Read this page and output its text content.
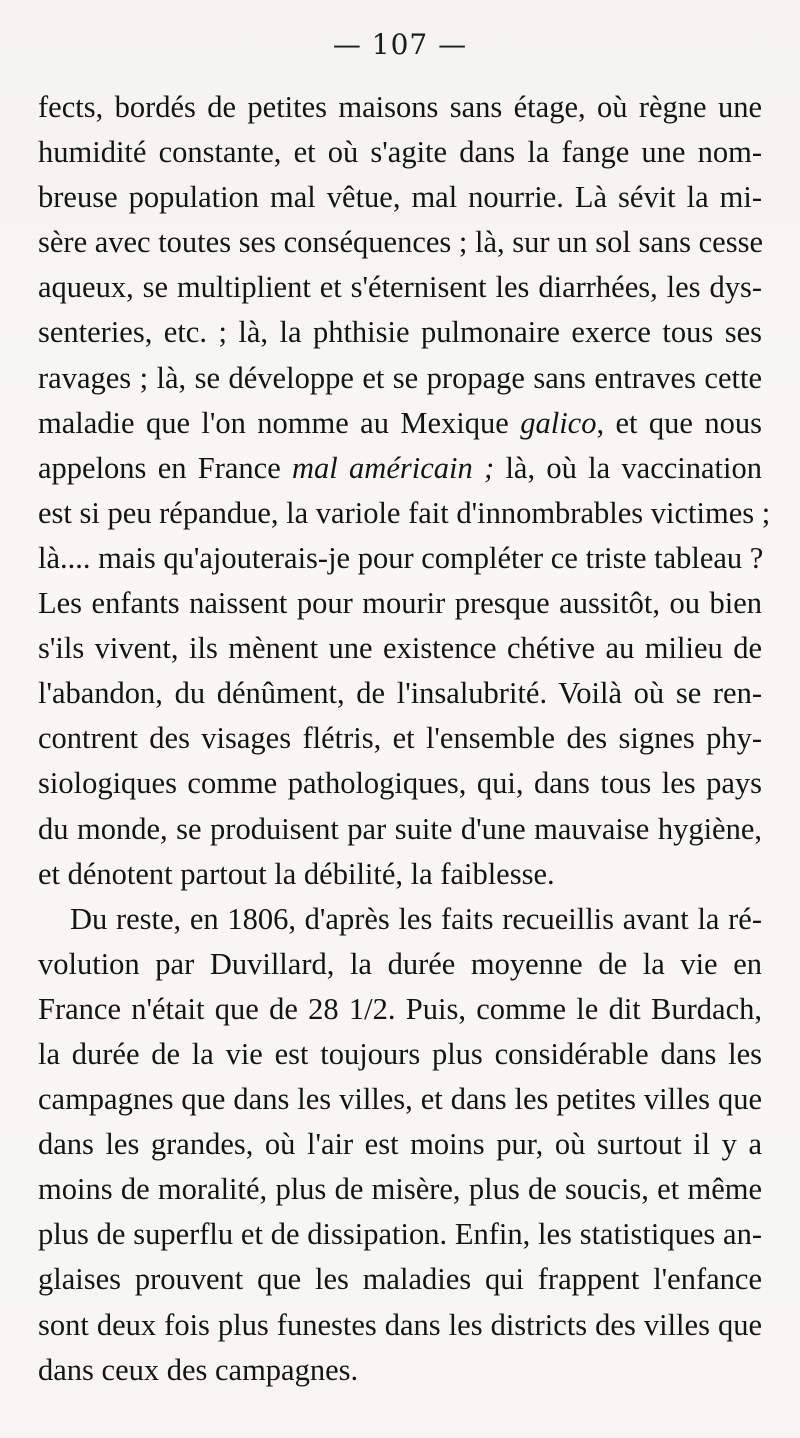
— 107 —
fects, bordés de petites maisons sans étage, où règne une
humidité constante, et où s'agite dans la fange une nom-
breuse population mal vêtue, mal nourrie. Là sévit la mi-
sère avec toutes ses conséquences ; là, sur un sol sans cesse
aqueux, se multiplient et s'éternisent les diarrhées, les dys-
senteries, etc. ; là, la phthisie pulmonaire exerce tous ses
ravages ; là, se développe et se propage sans entraves cette
maladie que l'on nomme au Mexique galico, et que nous
appelons en France mal américain ; là, où la vaccination
est si peu répandue, la variole fait d'innombrables victimes ;
là.... mais qu'ajouterais-je pour compléter ce triste tableau ?
Les enfants naissent pour mourir presque aussitôt, ou bien
s'ils vivent, ils mènent une existence chétive au milieu de
l'abandon, du dénûment, de l'insalubrité. Voilà où se ren-
contrent des visages flétris, et l'ensemble des signes phy-
siologiques comme pathologiques, qui, dans tous les pays
du monde, se produisent par suite d'une mauvaise hygiène,
et dénotent partout la débilité, la faiblesse.
Du reste, en 1806, d'après les faits recueillis avant la ré-
volution par Duvillard, la durée moyenne de la vie en
France n'était que de 28 1/2. Puis, comme le dit Burdach,
la durée de la vie est toujours plus considérable dans les
campagnes que dans les villes, et dans les petites villes que
dans les grandes, où l'air est moins pur, où surtout il y a
moins de moralité, plus de misère, plus de soucis, et même
plus de superflu et de dissipation. Enfin, les statistiques an-
glaises prouvent que les maladies qui frappent l'enfance
sont deux fois plus funestes dans les districts des villes que
dans ceux des campagnes.
